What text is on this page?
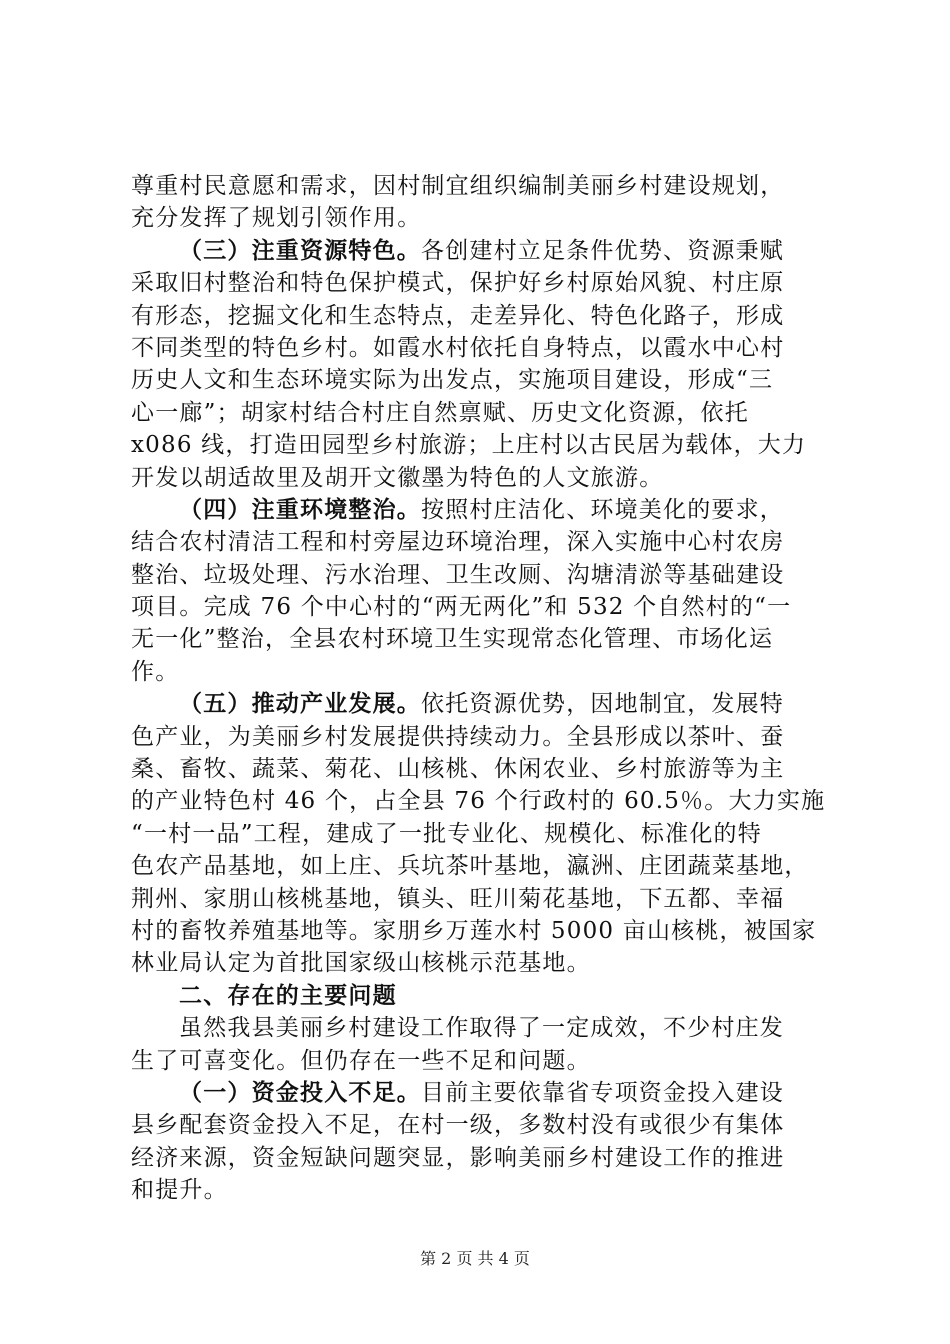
尊重村民意愿和需求，因村制宜组织编制美丽乡村建设规划，
充分发挥了规划引领作用。
（三）注重资源特色。各创建村立足条件优势、资源秉赋
采取旧村整治和特色保护模式，保护好乡村原始风貌、村庄原
有形态，挖掘文化和生态特点，走差异化、特色化路子，形成
不同类型的特色乡村。如霞水村依托自身特点，以霞水中心村
历史人文和生态环境实际为出发点，实施项目建设，形成“三
心一廊”；胡家村结合村庄自然禀赋、历史文化资源，依托
x086 线，打造田园型乡村旅游；上庄村以古民居为载体，大力
开发以胡适故里及胡开文徽墨为特色的人文旅游。
（四）注重环境整治。按照村庄洁化、环境美化的要求，
结合农村清洁工程和村旁屋边环境治理，深入实施中心村农房
整治、垃圾处理、污水治理、卫生改厕、沟塘清淤等基础建设
项目。完成 76 个中心村的“两无两化”和 532 个自然村的“一
无一化”整治，全县农村环境卫生实现常态化管理、市场化运
作。
（五）推动产业发展。依托资源优势，因地制宜，发展特
色产业，为美丽乡村发展提供持续动力。全县形成以茶叶、蚕
桑、畜牧、蔬菜、菊花、山核桃、休闲农业、乡村旅游等为主
的产业特色村 46 个，占全县 76 个行政村的 60.5％。大力实施
“一村一品”工程，建成了一批专业化、规模化、标准化的特
色农产品基地，如上庄、兵坑茶叶基地，瀛洲、庄团蔬菜基地，
荆州、家朋山核桃基地，镇头、旺川菊花基地，下五都、幸福
村的畜牧养殖基地等。家朋乡万莲水村 5000 亩山核桃，被国家
林业局认定为首批国家级山核桃示范基地。
二、存在的主要问题
虽然我县美丽乡村建设工作取得了一定成效，不少村庄发
生了可喜变化。但仍存在一些不足和问题。
（一）资金投入不足。目前主要依靠省专项资金投入建设
县乡配套资金投入不足，在村一级，多数村没有或很少有集体
经济来源，资金短缺问题突显，影响美丽乡村建设工作的推进
和提升。
第 2 页 共 4 页
